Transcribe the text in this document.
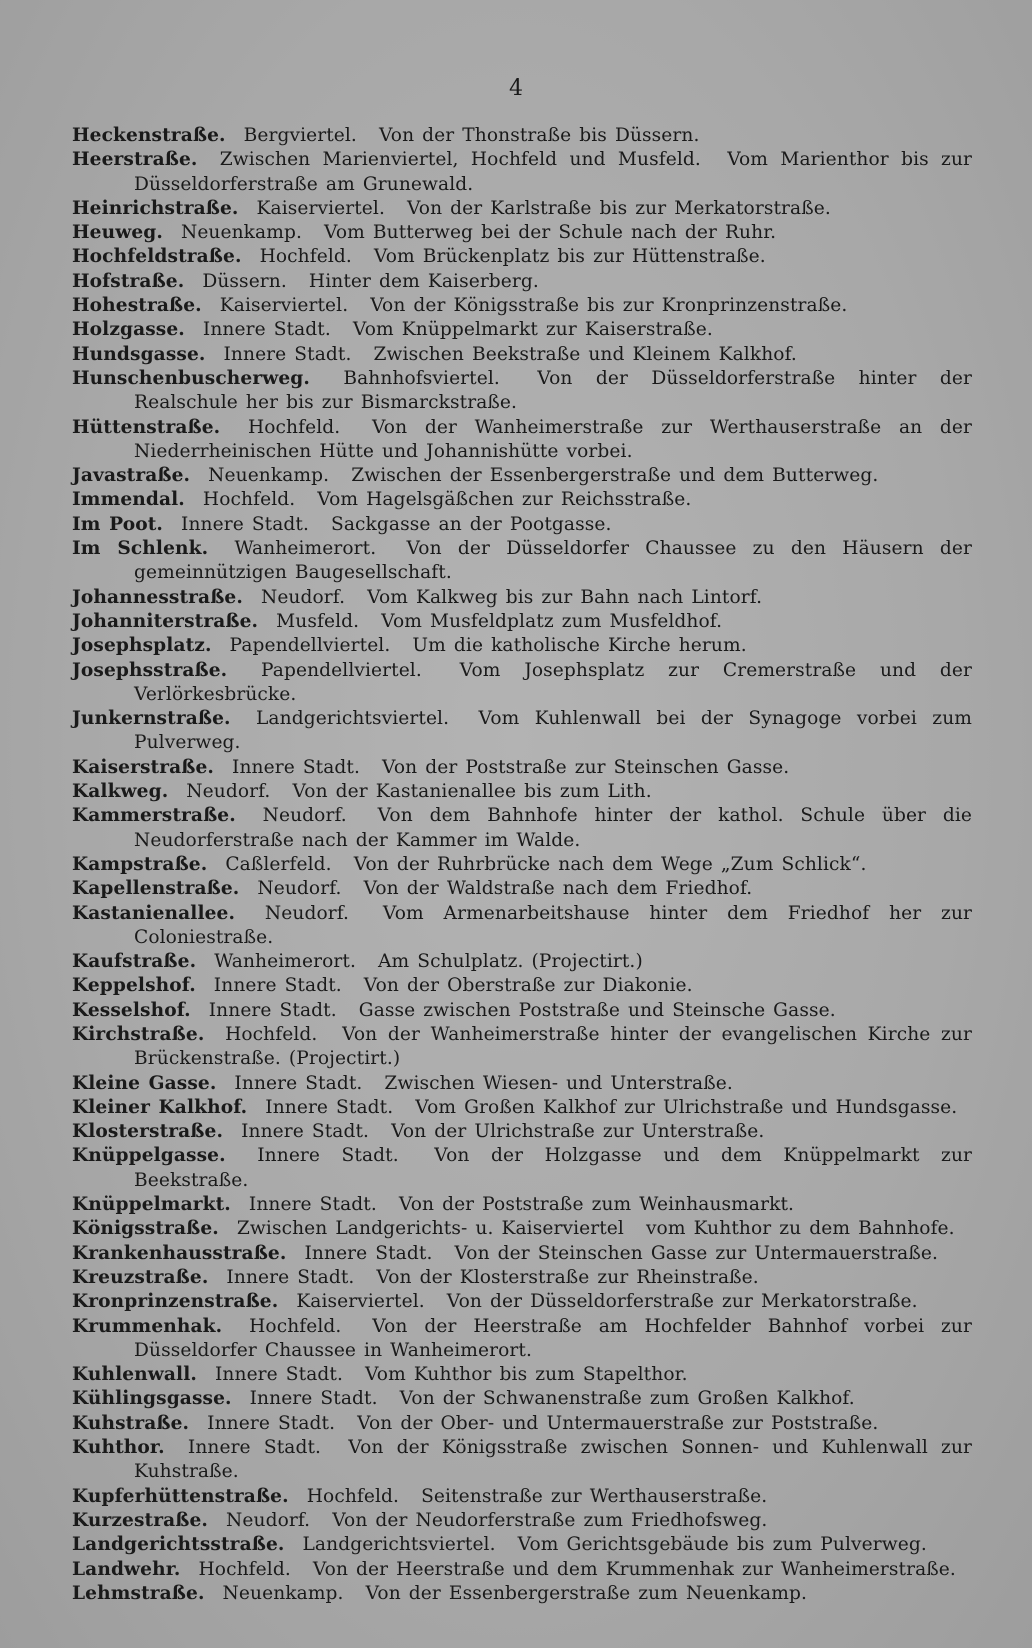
4
Heckenstraße. Bergviertel. Von der Thonstraße bis Düssern.
Heerstraße. Zwischen Marienviertel, Hochfeld und Musfeld. Vom Marienthor bis zur Düsseldorferstraße am Grunewald.
Heinrichstraße. Kaiserviertel. Von der Karlstraße bis zur Merkatorstraße.
Heuweg. Neuenkamp. Vom Butterweg bei der Schule nach der Ruhr.
Hochfeldstraße. Hochfeld. Vom Brückenplatz bis zur Hüttenstraße.
Hofstraße. Düssern. Hinter dem Kaiserberg.
Hohestraße. Kaiserviertel. Von der Königsstraße bis zur Kronprinzenstraße.
Holzgasse. Innere Stadt. Vom Knüppelmarkt zur Kaiserstraße.
Hundsgasse. Innere Stadt. Zwischen Beekstraße und Kleinem Kalkhof.
Hunschenbuscherweg. Bahnhofsviertel. Von der Düsseldorferstraße hinter der Realschule her bis zur Bismarckstraße.
Hüttenstraße. Hochfeld. Von der Wanheimerstraße zur Werthauserstraße an der Niederrheinischen Hütte und Johannishütte vorbei.
Javastraße. Neuenkamp. Zwischen der Essenbergerstraße und dem Butterweg.
Immendal. Hochfeld. Vom Hagelsgäßchen zur Reichsstraße.
Im Poot. Innere Stadt. Sackgasse an der Pootgasse.
Im Schlenk. Wanheimerort. Von der Düsseldorfer Chaussee zu den Häusern der gemeinnützigen Baugesellschaft.
Johannesstraße. Neudorf. Vom Kalkweg bis zur Bahn nach Lintorf.
Johanniterstraße. Musfeld. Vom Musfeldplatz zum Musfeldhof.
Josephsplatz. Papendellviertel. Um die katholische Kirche herum.
Josephsstraße. Papendellviertel. Vom Josephsplatz zur Cremerstraße und der Verlörkesbrücke.
Junkernstraße. Landgerichtsviertel. Vom Kuhlenwall bei der Synagoge vorbei zum Pulverweg.
Kaiserstraße. Innere Stadt. Von der Poststraße zur Steinschen Gasse.
Kalkweg. Neudorf. Von der Kastanienallee bis zum Lith.
Kammerstraße. Neudorf. Von dem Bahnhofe hinter der kathol. Schule über die Neudorferstraße nach der Kammer im Walde.
Kampstraße. Caßlerfeld. Von der Ruhrbrücke nach dem Wege „Zum Schlick“.
Kapellenstraße. Neudorf. Von der Waldstraße nach dem Friedhof.
Kastanienallee. Neudorf. Vom Armenarbeitshause hinter dem Friedhof her zur Coloniestraße.
Kaufstraße. Wanheimerort. Am Schulplatz. (Projectirt.)
Keppelshof. Innere Stadt. Von der Oberstraße zur Diakonie.
Kesselshof. Innere Stadt. Gasse zwischen Poststraße und Steinsche Gasse.
Kirchstraße. Hochfeld. Von der Wanheimerstraße hinter der evangelischen Kirche zur Brückenstraße. (Projectirt.)
Kleine Gasse. Innere Stadt. Zwischen Wiesen- und Unterstraße.
Kleiner Kalkhof. Innere Stadt. Vom Großen Kalkhof zur Ulrichstraße und Hundsgasse.
Klosterstraße. Innere Stadt. Von der Ulrichstraße zur Unterstraße.
Knüppelgasse. Innere Stadt. Von der Holzgasse und dem Knüppelmarkt zur Beekstraße.
Knüppelmarkt. Innere Stadt. Von der Poststraße zum Weinhausmarkt.
Königsstraße. Zwischen Landgerichts- u. Kaiserviertel vom Kuhthor zu dem Bahnhofe.
Krankenhausstraße. Innere Stadt. Von der Steinschen Gasse zur Untermauerstraße.
Kreuzstraße. Innere Stadt. Von der Klosterstraße zur Rheinstraße.
Kronprinzenstraße. Kaiserviertel. Von der Düsseldorferstraße zur Merkatorstraße.
Krummenhak. Hochfeld. Von der Heerstraße am Hochfelder Bahnhof vorbei zur Düsseldorfer Chaussee in Wanheimerort.
Kuhlenwall. Innere Stadt. Vom Kuhthor bis zum Stapelthor.
Kühlingsgasse. Innere Stadt. Von der Schwanenstraße zum Großen Kalkhof.
Kuhstraße. Innere Stadt. Von der Ober- und Untermauerstraße zur Poststraße.
Kuhthor. Innere Stadt. Von der Königsstraße zwischen Sonnen- und Kuhlenwall zur Kuhstraße.
Kupferhüttenstraße. Hochfeld. Seitenstraße zur Werthauserstraße.
Kurzestraße. Neudorf. Von der Neudorferstraße zum Friedhofsweg.
Landgerichtsstraße. Landgerichtsviertel. Vom Gerichtsgebäude bis zum Pulverweg.
Landwehr. Hochfeld. Von der Heerstraße und dem Krummenhak zur Wanheimerstraße.
Lehmstraße. Neuenkamp. Von der Essenbergerstraße zum Neuenkamp.
